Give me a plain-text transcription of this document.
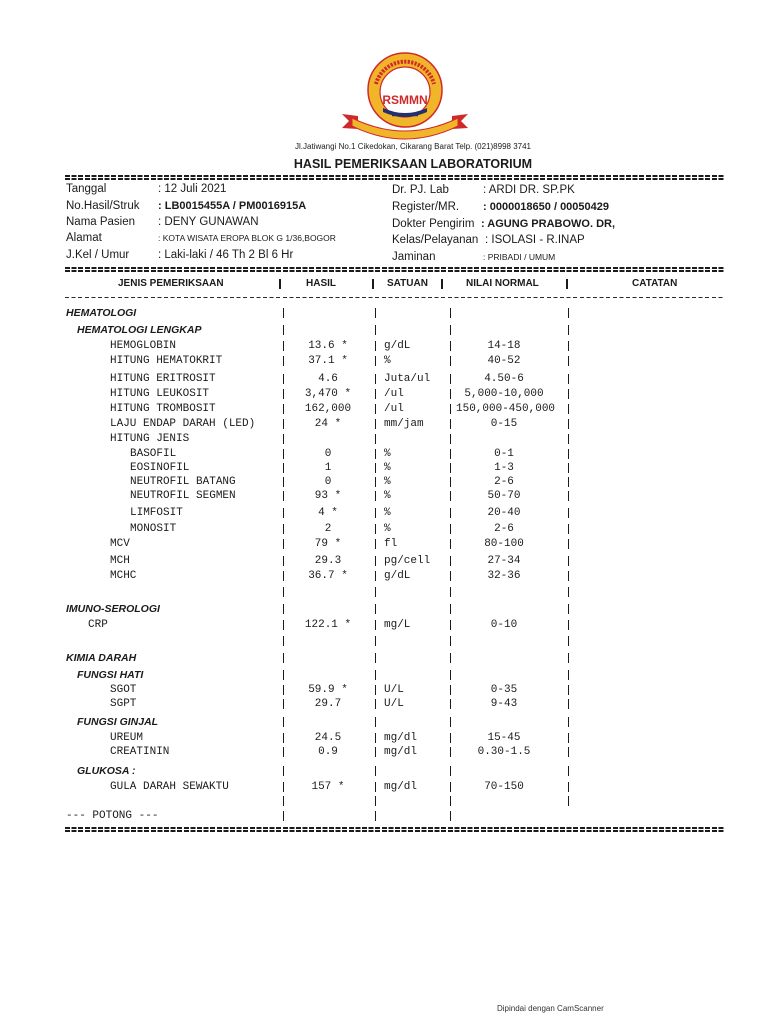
RSMMN
Jl.Jatiwangi No.1 Cikedokan, Cikarang Barat Telp. (021)8998 3741
HASIL PEMERIKSAAN LABORATORIUM
Tanggal	: 12 Juli 2021
No.Hasil/Struk : LB0015455A / PM0016915A
Nama Pasien : DENY GUNAWAN
Alamat	: KOTA WISATA EROPA BLOK G 1/36,BOGOR
J.Kel / Umur : Laki-laki / 46 Th 2 Bl 6 Hr
Dr. PJ. Lab	: ARDI DR. SP.PK
Register/MR. : 0000018650 / 00050429
Dokter Pengirim : AGUNG PRABOWO. DR,
Kelas/Pelayanan : ISOLASI - R.INAP
Jaminan	: PRIBADI / UMUM
JENIS PEMERIKSAAN	HASIL	SATUAN	NILAI NORMAL	CATATAN
HEMATOLOGI
HEMATOLOGI LENGKAP
HEMOGLOBIN	13.6 *	g/dL	14-18
HITUNG HEMATOKRIT	37.1 *	%	40-52
HITUNG ERITROSIT	4.6	Juta/ul	4.50-6
HITUNG LEUKOSIT	3,470 *	/ul	5,000-10,000
HITUNG TROMBOSIT	162,000	/ul	150,000-450,000
LAJU ENDAP DARAH (LED)	24 *	mm/jam	0-15
HITUNG JENIS
BASOFIL	0	%	0-1
EOSINOFIL	1	%	1-3
NEUTROFIL BATANG	0	%	2-6
NEUTROFIL SEGMEN	93 *	%	50-70
LIMFOSIT	4 *	%	20-40
MONOSIT	2	%	2-6
MCV	79 *	fl	80-100
MCH	29.3	pg/cell	27-34
MCHC	36.7 *	g/dL	32-36
IMUNO-SEROLOGI
CRP	122.1 *	mg/L	0-10
KIMIA DARAH
FUNGSI HATI
SGOT	59.9 *	U/L	0-35
SGPT	29.7	U/L	9-43
FUNGSI GINJAL
UREUM	24.5	mg/dl	15-45
CREATININ	0.9	mg/dl	0.30-1.5
GLUKOSA :
GULA DARAH SEWAKTU	157 *	mg/dl	70-150
--- POTONG ---
Dipindai dengan CamScanner
